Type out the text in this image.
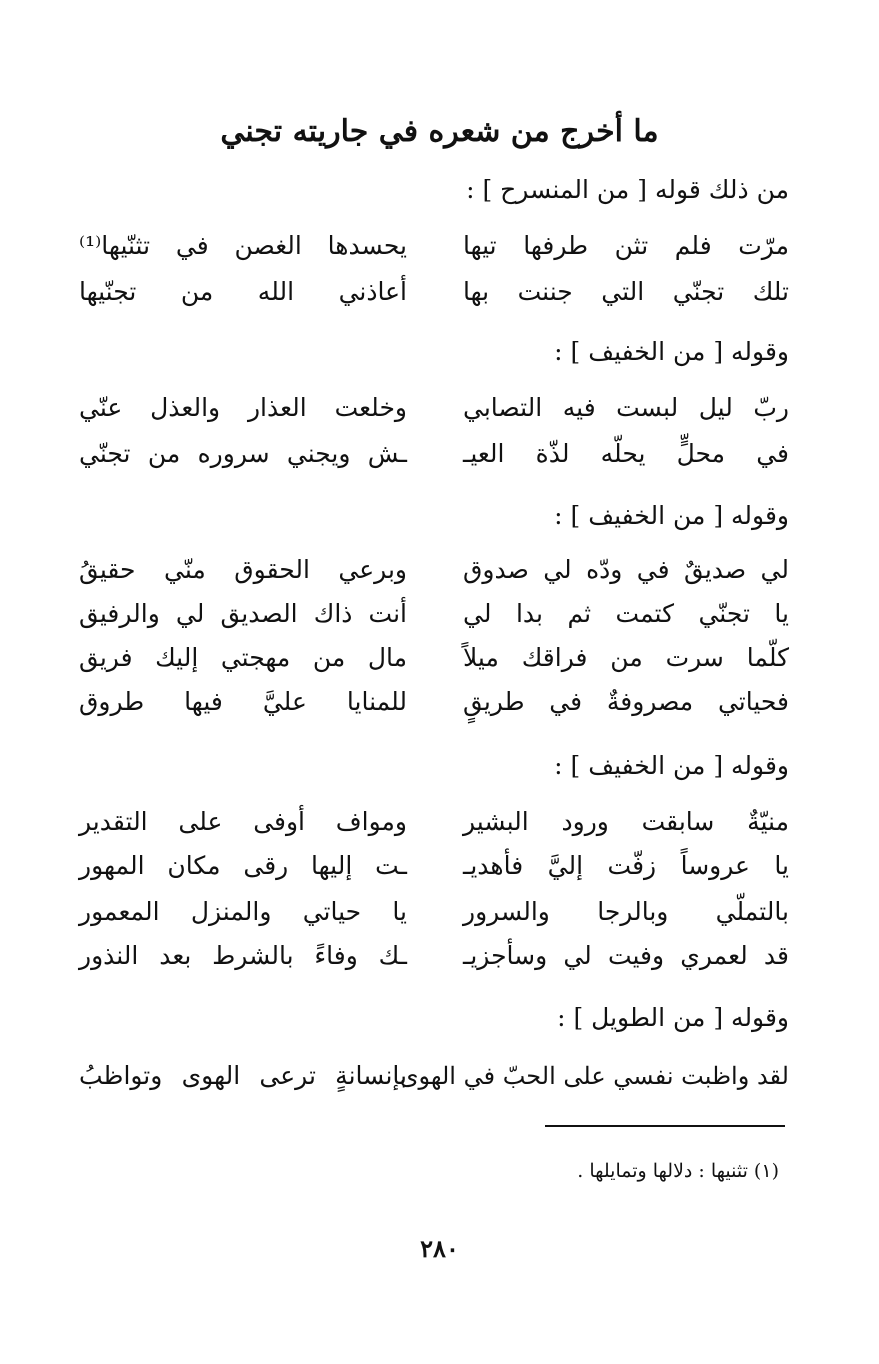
ما أخرج من شعره في جاريته تجني
من ذلك قوله [ من المنسرح ] :
مرّت فلم تثن طرفها تيها
يحسدها الغصن في تثنّيها⁽¹⁾
تلك تجنّي التي جننت بها
أعاذني الله من تجنّيها
وقوله [ من الخفيف ] :
ربّ ليل لبست فيه التصابي
وخلعت العذار والعذل عنّي
في محلٍّ يحلّه لذّة العيـ
ـش ويجني سروره من تجنّي
وقوله [ من الخفيف ] :
لي صديقٌ في ودّه لي صدوق
وبرعي الحقوق منّي حقيقُ
يا تجنّي كتمت ثم بدا لي
أنت ذاك الصديق لي والرفيق
كلّما سرت من فراقك ميلاً
مال من مهجتي إليك فريق
فحياتي مصروفةٌ في طريقٍ
للمنايا عليَّ فيها طروق
وقوله [ من الخفيف ] :
منيّةٌ سابقت ورود البشير
ومواف أوفى على التقدير
يا عروساً زفّت إليَّ فأهديـ
ـت إليها رقى مكان المهور
بالتملّي وبالرجا والسرور
يا حياتي والمنزل المعمور
قد لعمري وفيت لي وسأجزيـ
ـك وفاءً بالشرط بعد النذور
وقوله [ من الطويل ] :
لقد واظبت نفسي على الحبّ في الهوى
بإنسانةٍ ترعى الهوى وتواظبُ
(١) تثنيها : دلالها وتمايلها .
٢٨٠
